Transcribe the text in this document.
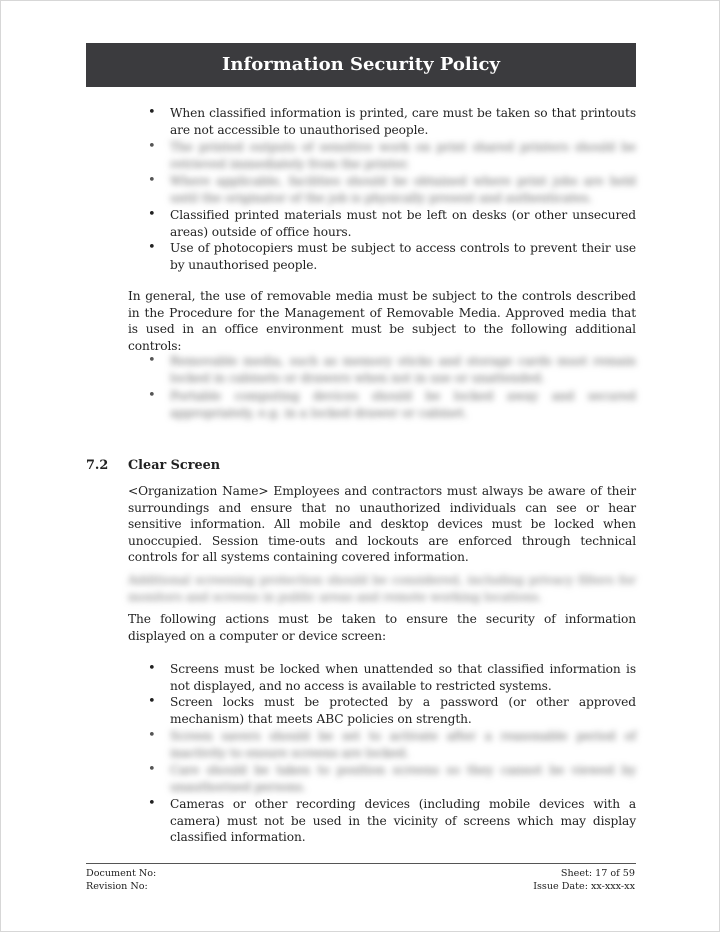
Information Security Policy
• When classified information is printed, care must be taken so that printouts are not accessible to unauthorised people.
• The printed outputs of sensitive work on print shared printers should be retrieved immediately from the printer.
• Where applicable, facilities should be obtained where print jobs are held until the originator of the job is physically present and authenticates.
• Classified printed materials must not be left on desks (or other unsecured areas) outside of office hours.
• Use of photocopiers must be subject to access controls to prevent their use by unauthorised people.
In general, the use of removable media must be subject to the controls described in the Procedure for the Management of Removable Media. Approved media that is used in an office environment must be subject to the following additional controls:
• Removable media, such as memory sticks and storage cards must remain locked in cabinets or drawers when not in use or unattended.
• Portable computing devices should be locked away and secured appropriately, e.g. in a locked drawer or cabinet.
7.2 Clear Screen
<Organization Name> Employees and contractors must always be aware of their surroundings and ensure that no unauthorized individuals can see or hear sensitive information. All mobile and desktop devices must be locked when unoccupied. Session time-outs and lockouts are enforced through technical controls for all systems containing covered information.
Additional screening protection should be considered, including privacy filters for monitors and screens in public areas and remote working locations.
The following actions must be taken to ensure the security of information displayed on a computer or device screen:
• Screens must be locked when unattended so that classified information is not displayed, and no access is available to restricted systems.
• Screen locks must be protected by a password (or other approved mechanism) that meets ABC policies on strength.
• Screen savers should be set to activate after a reasonable period of inactivity to ensure screens are locked.
• Care should be taken to position screens so they cannot be viewed by unauthorised persons.
• Cameras or other recording devices (including mobile devices with a camera) must not be used in the vicinity of screens which may display classified information.
Document No:
Revision No:
Sheet: 17 of 59
Issue Date: xx-xxx-xx
